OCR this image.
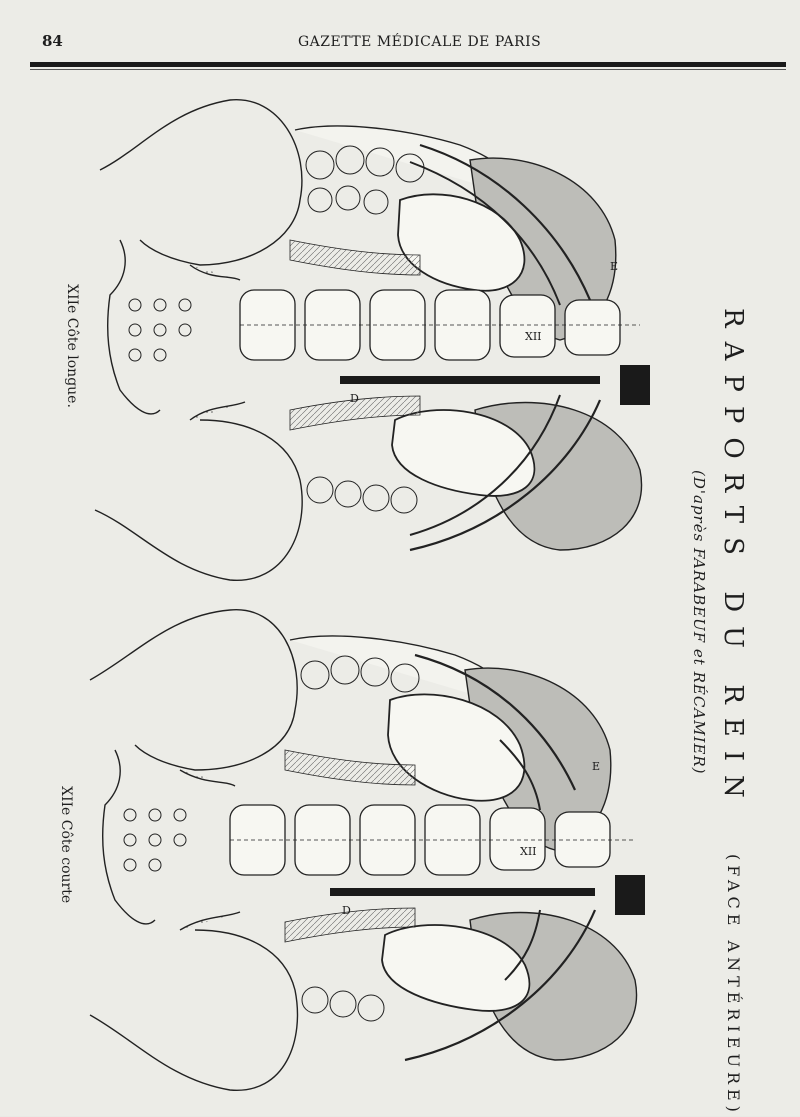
84	GAZETTE MÉDICALE DE PARIS
XII
E
D
XII
E
D
RAPPORTS DU REIN (FACE ANTÉRIEURE)
(D'après FARABEUF et RÉCAMIER)
XIIe Côte longue.
XIIe Côte courte
